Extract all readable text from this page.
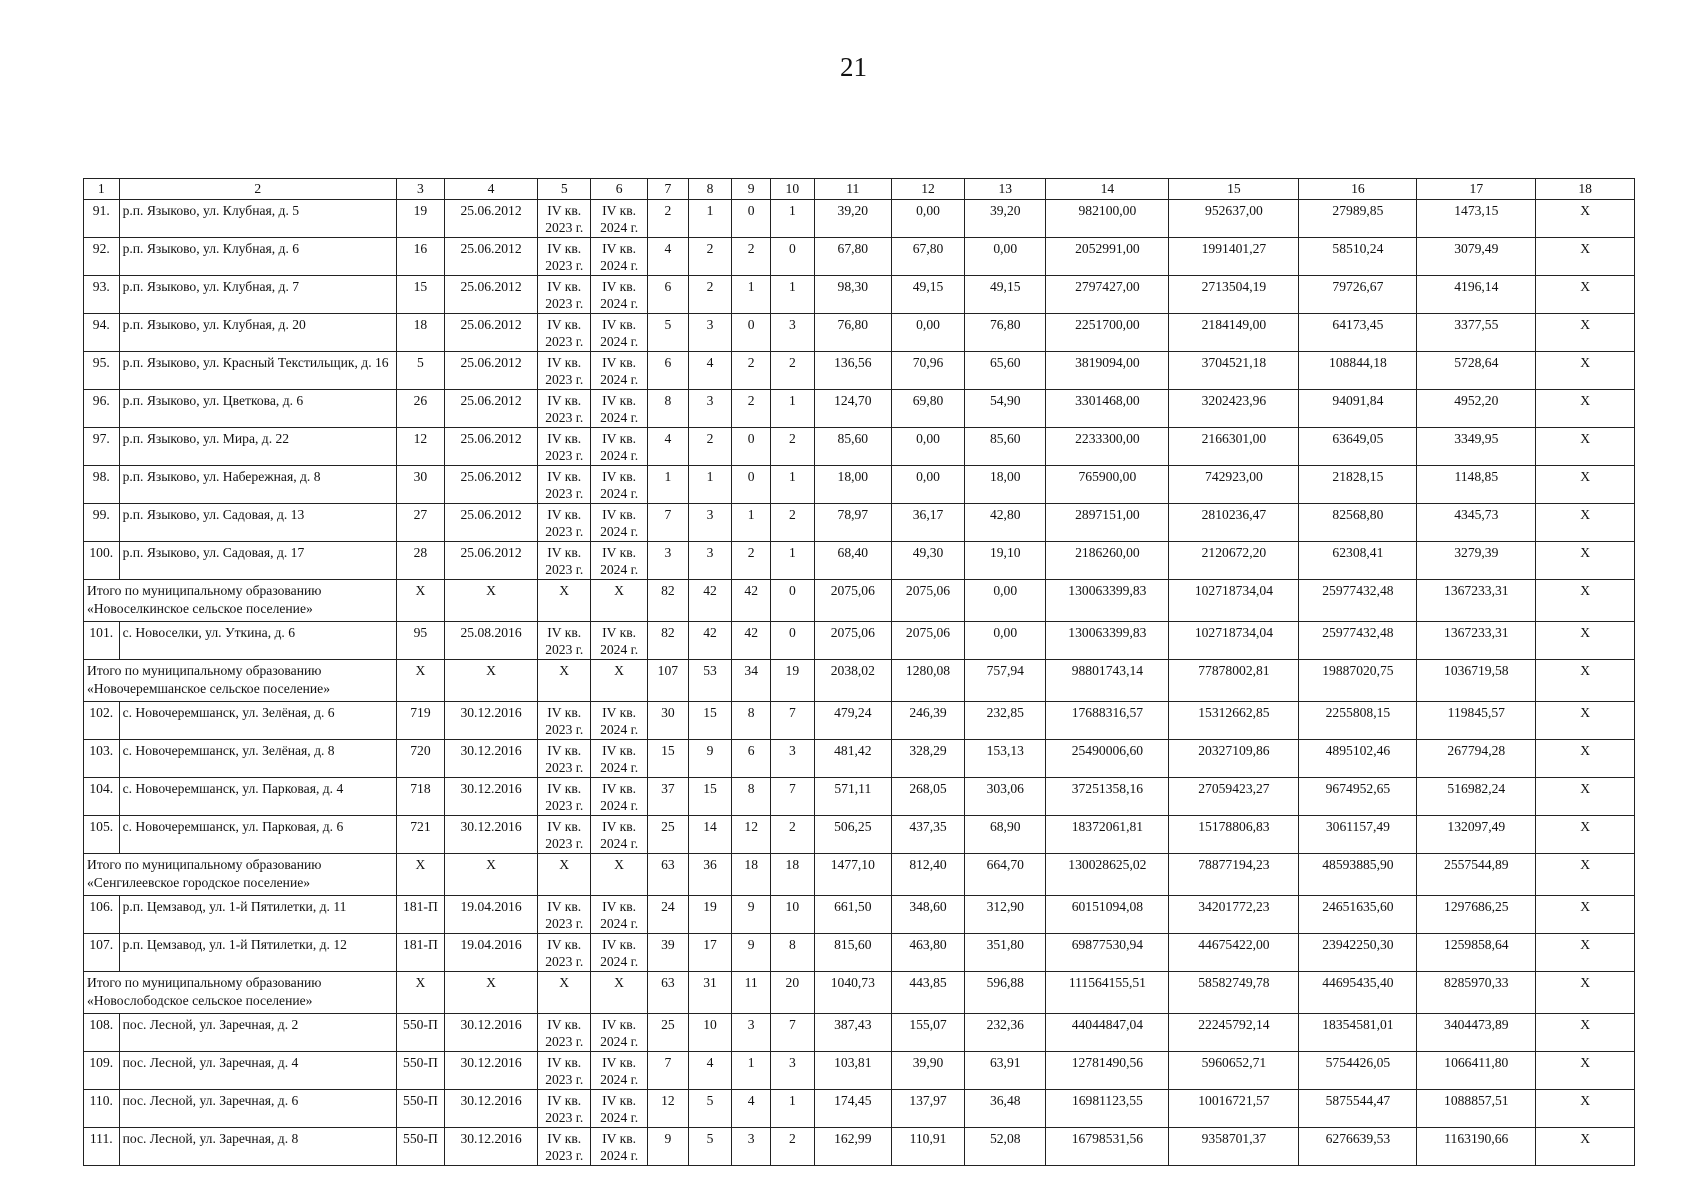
21
1	2	3	4	5	6	7	8	9	10	11	12	13	14	15	16	17	18
91.	р.п. Языково, ул. Клубная, д. 5	19	25.06.2012	IV кв. 2023 г.	IV кв. 2024 г.	2	1	0	1	39,20	0,00	39,20	982100,00	952637,00	27989,85	1473,15	Х
92.	р.п. Языково, ул. Клубная, д. 6	16	25.06.2012	IV кв. 2023 г.	IV кв. 2024 г.	4	2	2	0	67,80	67,80	0,00	2052991,00	1991401,27	58510,24	3079,49	Х
93.	р.п. Языково, ул. Клубная, д. 7	15	25.06.2012	IV кв. 2023 г.	IV кв. 2024 г.	6	2	1	1	98,30	49,15	49,15	2797427,00	2713504,19	79726,67	4196,14	Х
94.	р.п. Языково, ул. Клубная, д. 20	18	25.06.2012	IV кв. 2023 г.	IV кв. 2024 г.	5	3	0	3	76,80	0,00	76,80	2251700,00	2184149,00	64173,45	3377,55	Х
95.	р.п. Языково, ул. Красный Текстильщик, д. 16	5	25.06.2012	IV кв. 2023 г.	IV кв. 2024 г.	6	4	2	2	136,56	70,96	65,60	3819094,00	3704521,18	108844,18	5728,64	Х
96.	р.п. Языково, ул. Цветкова, д. 6	26	25.06.2012	IV кв. 2023 г.	IV кв. 2024 г.	8	3	2	1	124,70	69,80	54,90	3301468,00	3202423,96	94091,84	4952,20	Х
97.	р.п. Языково, ул. Мира, д. 22	12	25.06.2012	IV кв. 2023 г.	IV кв. 2024 г.	4	2	0	2	85,60	0,00	85,60	2233300,00	2166301,00	63649,05	3349,95	Х
98.	р.п. Языково, ул. Набережная, д. 8	30	25.06.2012	IV кв. 2023 г.	IV кв. 2024 г.	1	1	0	1	18,00	0,00	18,00	765900,00	742923,00	21828,15	1148,85	Х
99.	р.п. Языково, ул. Садовая, д. 13	27	25.06.2012	IV кв. 2023 г.	IV кв. 2024 г.	7	3	1	2	78,97	36,17	42,80	2897151,00	2810236,47	82568,80	4345,73	Х
100.	р.п. Языково, ул. Садовая, д. 17	28	25.06.2012	IV кв. 2023 г.	IV кв. 2024 г.	3	3	2	1	68,40	49,30	19,10	2186260,00	2120672,20	62308,41	3279,39	Х
Итого по муниципальному образованию «Новоселкинское сельское поселение»		Х	Х	Х	Х	82	42	42	0	2075,06	2075,06	0,00	130063399,83	102718734,04	25977432,48	1367233,31	Х
101.	с. Новоселки, ул. Уткина, д. 6	95	25.08.2016	IV кв. 2023 г.	IV кв. 2024 г.	82	42	42	0	2075,06	2075,06	0,00	130063399,83	102718734,04	25977432,48	1367233,31	Х
Итого по муниципальному образованию «Новочеремшанское сельское поселение»		Х	Х	Х	Х	107	53	34	19	2038,02	1280,08	757,94	98801743,14	77878002,81	19887020,75	1036719,58	Х
102.	с. Новочеремшанск, ул. Зелёная, д. 6	719	30.12.2016	IV кв. 2023 г.	IV кв. 2024 г.	30	15	8	7	479,24	246,39	232,85	17688316,57	15312662,85	2255808,15	119845,57	Х
103.	с. Новочеремшанск, ул. Зелёная, д. 8	720	30.12.2016	IV кв. 2023 г.	IV кв. 2024 г.	15	9	6	3	481,42	328,29	153,13	25490006,60	20327109,86	4895102,46	267794,28	Х
104.	с. Новочеремшанск, ул. Парковая, д. 4	718	30.12.2016	IV кв. 2023 г.	IV кв. 2024 г.	37	15	8	7	571,11	268,05	303,06	37251358,16	27059423,27	9674952,65	516982,24	Х
105.	с. Новочеремшанск, ул. Парковая, д. 6	721	30.12.2016	IV кв. 2023 г.	IV кв. 2024 г.	25	14	12	2	506,25	437,35	68,90	18372061,81	15178806,83	3061157,49	132097,49	Х
Итого по муниципальному образованию «Сенгилеевское городское поселение»		Х	Х	Х	Х	63	36	18	18	1477,10	812,40	664,70	130028625,02	78877194,23	48593885,90	2557544,89	Х
106.	р.п. Цемзавод, ул. 1-й Пятилетки, д. 11	181-П	19.04.2016	IV кв. 2023 г.	IV кв. 2024 г.	24	19	9	10	661,50	348,60	312,90	60151094,08	34201772,23	24651635,60	1297686,25	Х
107.	р.п. Цемзавод, ул. 1-й Пятилетки, д. 12	181-П	19.04.2016	IV кв. 2023 г.	IV кв. 2024 г.	39	17	9	8	815,60	463,80	351,80	69877530,94	44675422,00	23942250,30	1259858,64	Х
Итого по муниципальному образованию «Новослободское сельское поселение»		Х	Х	Х	Х	63	31	11	20	1040,73	443,85	596,88	111564155,51	58582749,78	44695435,40	8285970,33	Х
108.	пос. Лесной, ул. Заречная, д. 2	550-П	30.12.2016	IV кв. 2023 г.	IV кв. 2024 г.	25	10	3	7	387,43	155,07	232,36	44044847,04	22245792,14	18354581,01	3404473,89	Х
109.	пос. Лесной, ул. Заречная, д. 4	550-П	30.12.2016	IV кв. 2023 г.	IV кв. 2024 г.	7	4	1	3	103,81	39,90	63,91	12781490,56	5960652,71	5754426,05	1066411,80	Х
110.	пос. Лесной, ул. Заречная, д. 6	550-П	30.12.2016	IV кв. 2023 г.	IV кв. 2024 г.	12	5	4	1	174,45	137,97	36,48	16981123,55	10016721,57	5875544,47	1088857,51	Х
111.	пос. Лесной, ул. Заречная, д. 8	550-П	30.12.2016	IV кв. 2023 г.	IV кв. 2024 г.	9	5	3	2	162,99	110,91	52,08	16798531,56	9358701,37	6276639,53	1163190,66	Х
